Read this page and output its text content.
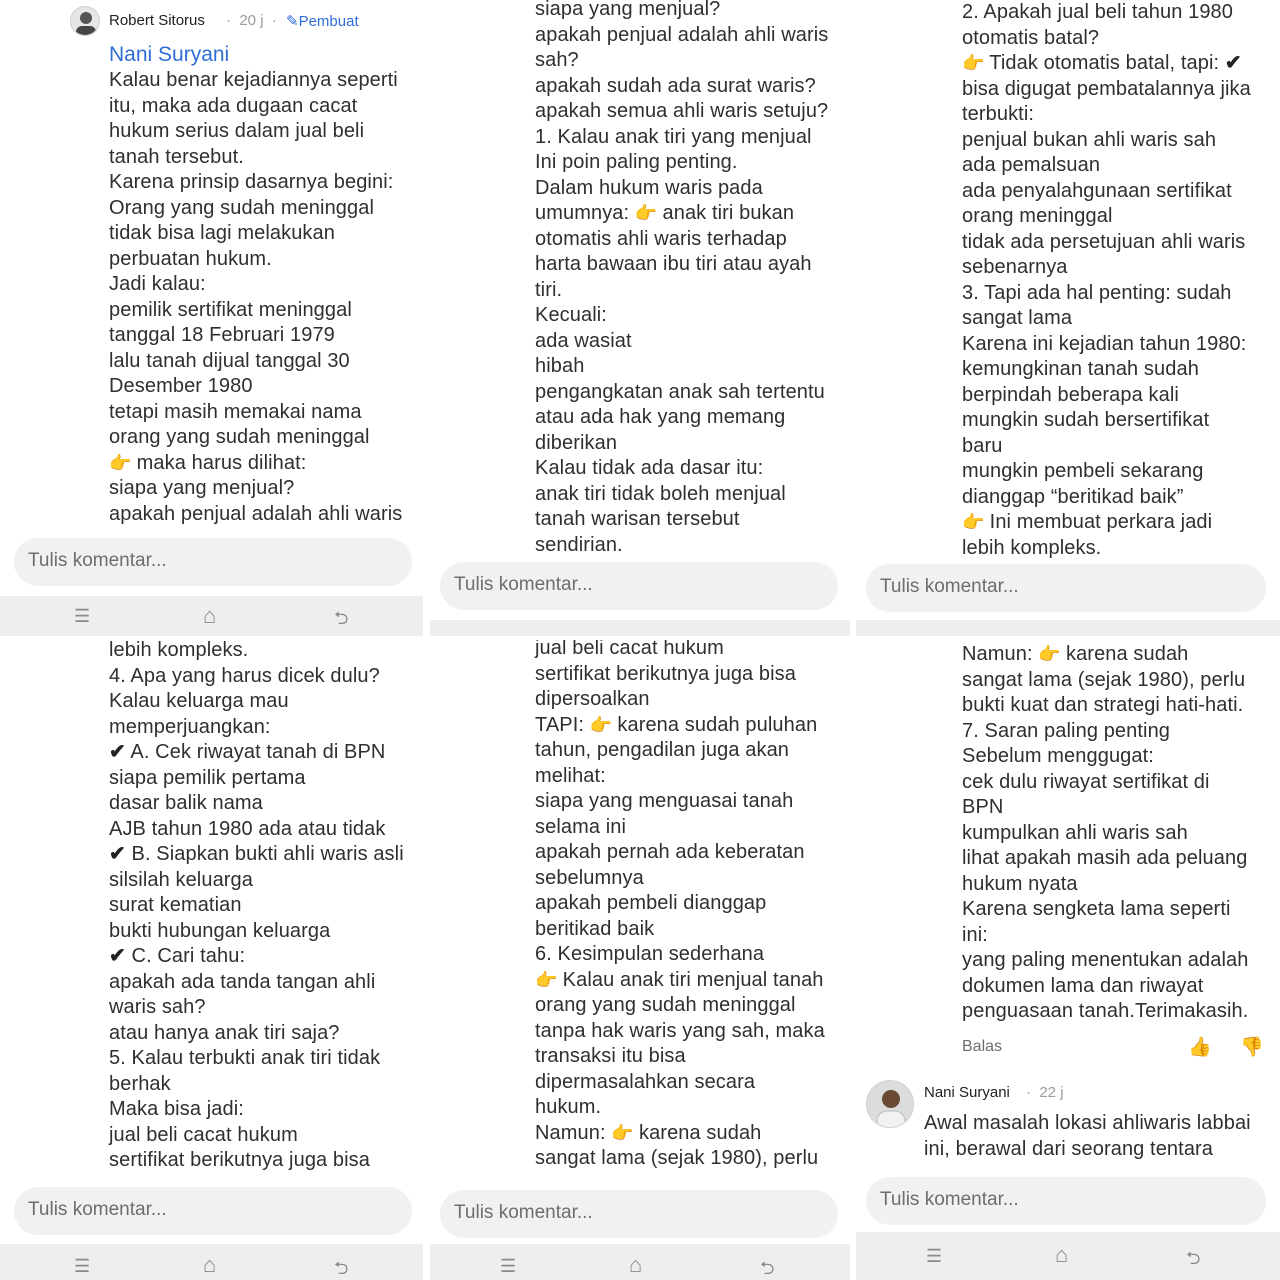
Robert Sitorus · 20 j · ✎Pembuat
Nani Suryani
Kalau benar kejadiannya seperti
itu, maka ada dugaan cacat
hukum serius dalam jual beli
tanah tersebut.
Karena prinsip dasarnya begini:
Orang yang sudah meninggal
tidak bisa lagi melakukan
perbuatan hukum.
Jadi kalau:
pemilik sertifikat meninggal
tanggal 18 Februari 1979
lalu tanah dijual tanggal 30
Desember 1980
tetapi masih memakai nama
orang yang sudah meninggal
👉 maka harus dilihat:
siapa yang menjual?
apakah penjual adalah ahli waris
Tulis komentar...
☰	⌂	⮌
siapa yang menjual?
apakah penjual adalah ahli waris
sah?
apakah sudah ada surat waris?
apakah semua ahli waris setuju?
1. Kalau anak tiri yang menjual
Ini poin paling penting.
Dalam hukum waris pada
umumnya: 👉 anak tiri bukan
otomatis ahli waris terhadap
harta bawaan ibu tiri atau ayah
tiri.
Kecuali:
ada wasiat
hibah
pengangkatan anak sah tertentu
atau ada hak yang memang
diberikan
Kalau tidak ada dasar itu:
anak tiri tidak boleh menjual
tanah warisan tersebut
sendirian.
Tulis komentar...
2. Apakah jual beli tahun 1980
otomatis batal?
👉 Tidak otomatis batal, tapi: ✔
bisa digugat pembatalannya jika
terbukti:
penjual bukan ahli waris sah
ada pemalsuan
ada penyalahgunaan sertifikat
orang meninggal
tidak ada persetujuan ahli waris
sebenarnya
3. Tapi ada hal penting: sudah
sangat lama
Karena ini kejadian tahun 1980:
kemungkinan tanah sudah
berpindah beberapa kali
mungkin sudah bersertifikat
baru
mungkin pembeli sekarang
dianggap “beritikad baik”
👉 Ini membuat perkara jadi
lebih kompleks.
Tulis komentar...
lebih kompleks.
4. Apa yang harus dicek dulu?
Kalau keluarga mau
memperjuangkan:
✔ A. Cek riwayat tanah di BPN
siapa pemilik pertama
dasar balik nama
AJB tahun 1980 ada atau tidak
✔ B. Siapkan bukti ahli waris asli
silsilah keluarga
surat kematian
bukti hubungan keluarga
✔ C. Cari tahu:
apakah ada tanda tangan ahli
waris sah?
atau hanya anak tiri saja?
5. Kalau terbukti anak tiri tidak
berhak
Maka bisa jadi:
jual beli cacat hukum
sertifikat berikutnya juga bisa
Tulis komentar...
☰	⌂	⮌
jual beli cacat hukum
sertifikat berikutnya juga bisa
dipersoalkan
TAPI: 👉 karena sudah puluhan
tahun, pengadilan juga akan
melihat:
siapa yang menguasai tanah
selama ini
apakah pernah ada keberatan
sebelumnya
apakah pembeli dianggap
beritikad baik
6. Kesimpulan sederhana
👉 Kalau anak tiri menjual tanah
orang yang sudah meninggal
tanpa hak waris yang sah, maka
transaksi itu bisa
dipermasalahkan secara
hukum.
Namun: 👉 karena sudah
sangat lama (sejak 1980), perlu
Tulis komentar...
☰	⌂	⮌
Namun: 👉 karena sudah
sangat lama (sejak 1980), perlu
bukti kuat dan strategi hati-hati.
7. Saran paling penting
Sebelum menggugat:
cek dulu riwayat sertifikat di
BPN
kumpulkan ahli waris sah
lihat apakah masih ada peluang
hukum nyata
Karena sengketa lama seperti
ini:
yang paling menentukan adalah
dokumen lama dan riwayat
penguasaan tanah.Terimakasih.
Balas	👍 👎
Nani Suryani · 22 j
Awal masalah lokasi ahliwaris labbai
ini, berawal dari seorang tentara
Tulis komentar...
☰	⌂	⮌
